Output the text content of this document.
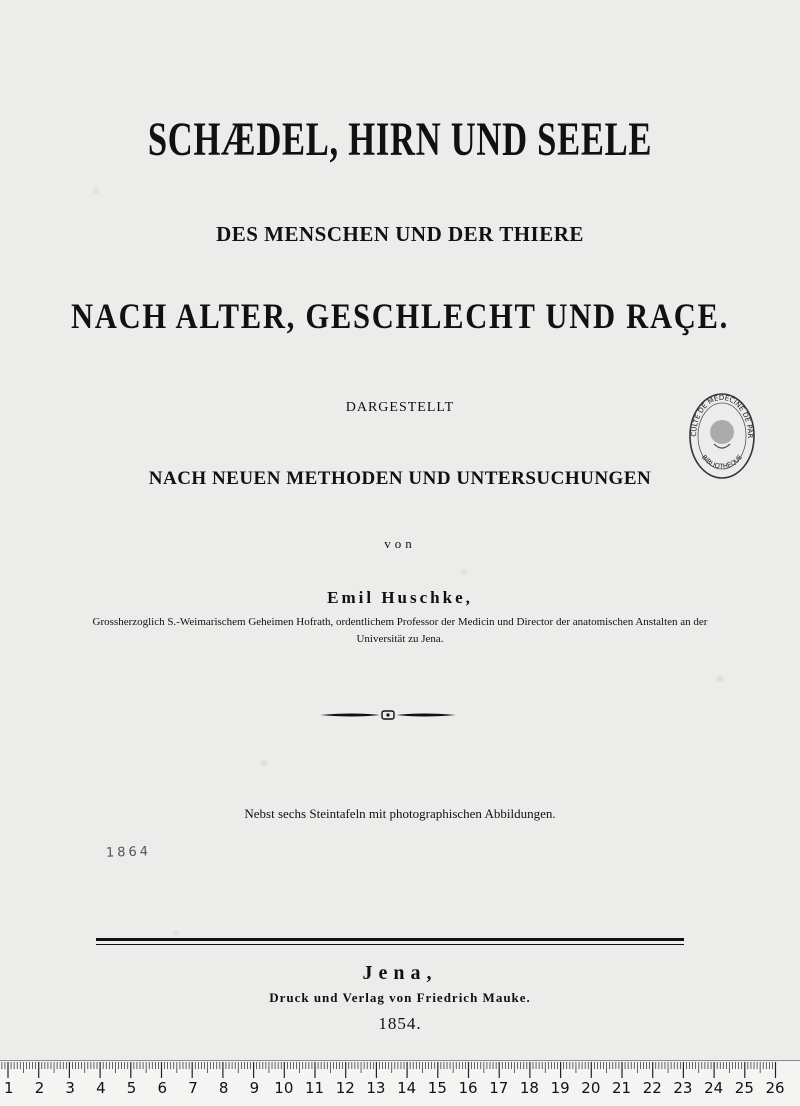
SCHÆDEL, HIRN UND SEELE
DES MENSCHEN UND DER THIERE
NACH ALTER, GESCHLECHT UND RAÇE.
DARGESTELLT
NACH NEUEN METHODEN UND UNTERSUCHUNGEN
von
Emil Huschke,
Grossherzoglich S.-Weimarischem Geheimen Hofrath, ordentlichem Professor der Medicin und Director der anatomischen Anstalten an der Universität zu Jena.
CULTÉ DE MÉDECINE DE PAR
BIBLIOTHÈQUE
Nebst sechs Steintafeln mit photographischen Abbildungen.
1864
Jena,
Druck und Verlag von Friedrich Mauke.
1854.
1	2	3	4	5	6	7	8	9	10 11 12 13 14 15 16 17 18 19 20 21 22 23 24 25 26
